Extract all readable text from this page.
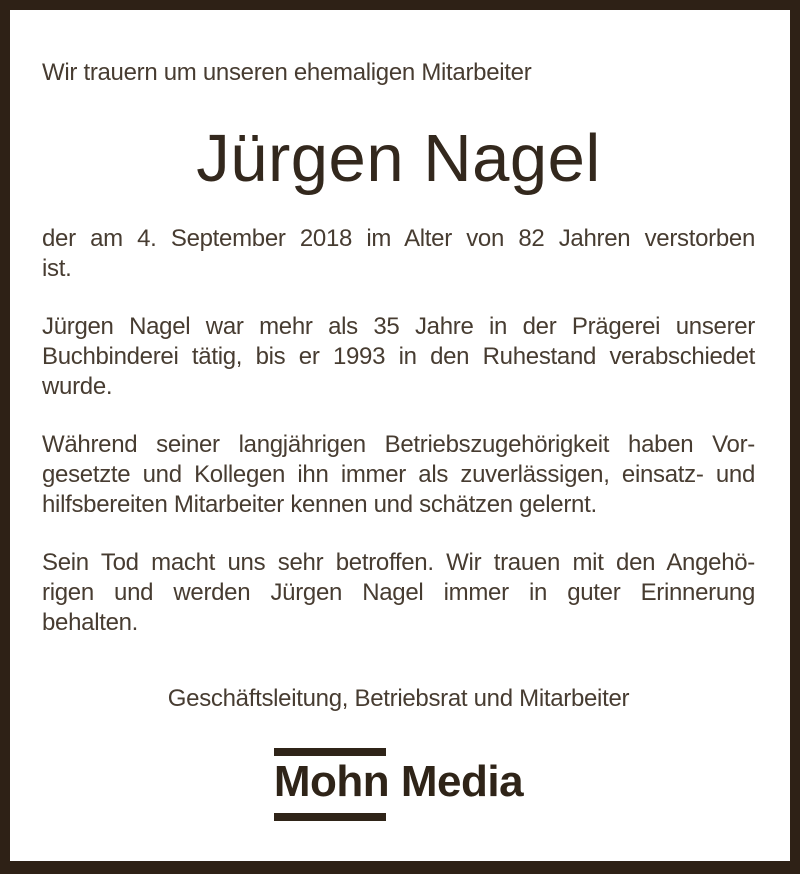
Wir trauern um unseren ehemaligen Mitarbeiter
Jürgen Nagel
der am 4. September 2018 im Alter von 82 Jahren verstorben
ist.
Jürgen Nagel war mehr als 35 Jahre in der Prägerei unserer
Buchbinderei tätig, bis er 1993 in den Ruhestand verabschiedet
wurde.
Während seiner langjährigen Betriebszugehörigkeit haben Vor-
gesetzte und Kollegen ihn immer als zuverlässigen, einsatz- und
hilfsbereiten Mitarbeiter kennen und schätzen gelernt.
Sein Tod macht uns sehr betroffen. Wir trauen mit den Angehö-
rigen und werden Jürgen Nagel immer in guter Erinnerung
behalten.
Geschäftsleitung, Betriebsrat und Mitarbeiter
Mohn Media
